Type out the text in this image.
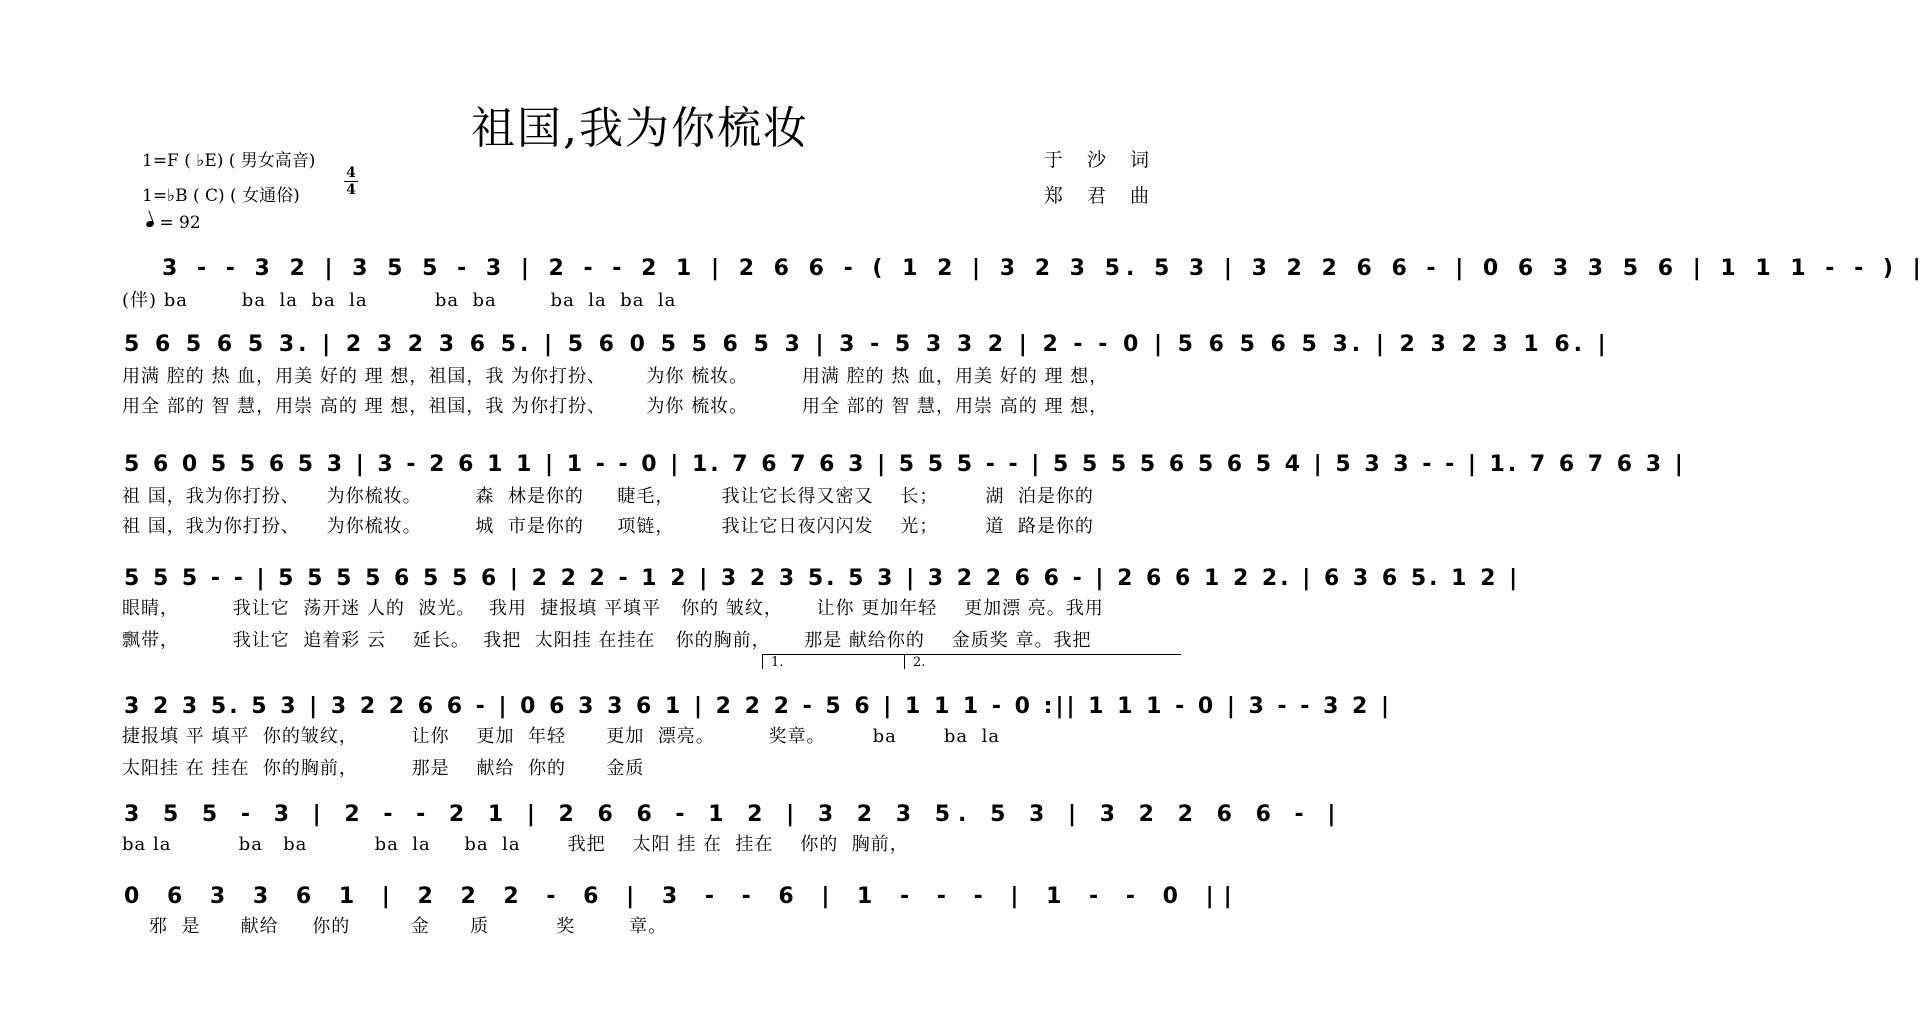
祖国,我为你梳妆
1=F ( ♭E) ( 男女高音)
1=♭B ( C) ( 女通俗)
= 92
4
4
于 沙 词
郑 君 曲
3 - - 3 2 | 3 5 5 - 3 | 2 - - 2 1 | 2 6 6 - ( 1 2 | 3 2 3 5. 5 3 | 3 2 2 6 6 - | 0 6 3 3 5 6 | 1 1 1 - - ) |
(伴) ba        ba  la  ba  la          ba  ba        ba  la  ba  la
5 6 5 6 5 3. | 2 3 2 3 6 5. | 5 6 0 5 5 6 5 3 | 3 - 5 3 3 2 | 2 - - 0 | 5 6 5 6 5 3. | 2 3 2 3 1 6. |
用满 腔的 热 血，用美 好的 理 想，祖国，我 为你打扮、      为你 梳妆。        用满 腔的 热 血，用美 好的 理 想，
用全 部的 智 慧，用崇 高的 理 想，祖国，我 为你打扮、      为你 梳妆。        用全 部的 智 慧，用崇 高的 理 想，
5 6 0 5 5 6 5 3 | 3 - 2 6 1 1 | 1 - - 0 | 1. 7 6 7 6 3 | 5 5 5 - - | 5 5 5 5 6 5 6 5 4 | 5 3 3 - - | 1. 7 6 7 6 3 |
祖 国，我为你打扮、    为你梳妆。        森  林是你的     睫毛，       我让它长得又密又    长；       湖  泊是你的
祖 国，我为你打扮、    为你梳妆。        城  市是你的     项链，       我让它日夜闪闪发    光；       道  路是你的
5 5 5 - - | 5 5 5 5 6 5 5 6 | 2 2 2 - 1 2 | 3 2 3 5. 5 3 | 3 2 2 6 6 - | 2 6 6 1 2 2. | 6 3 6 5. 1 2 |
眼睛，        我让它  荡开迷 人的  波光。  我用  捷报填 平填平   你的 皱纹，     让你 更加年轻    更加漂 亮。我用
飘带，        我让它  追着彩 云    延长。  我把  太阳挂 在挂在   你的胸前，     那是 献给你的    金质奖 章。我把
1.	2.
3 2 3 5. 5 3 | 3 2 2 6 6 - | 0 6 3 3 6 1 | 2 2 2 - 5 6 | 1 1 1 - 0 :|| 1 1 1 - 0 | 3 - - 3 2 |
捷报填 平 填平  你的皱纹，        让你    更加  年轻      更加  漂亮。        奖章。       ba       ba  la
太阳挂 在 挂在  你的胸前，        那是    献给  你的      金质
3 5 5 - 3 | 2 - - 2 1 | 2 6 6 - 1 2 | 3 2 3 5. 5 3 | 3 2 2 6 6 - |
ba la          ba   ba          ba  la     ba  la       我把    太阳 挂 在  挂在    你的  胸前，
0 6 3 3 6 1 | 2 2 2 - 6 | 3 - - 6 | 1 - - - | 1 - - 0 ||
邪  是      献给     你的         金      质          奖        章。
